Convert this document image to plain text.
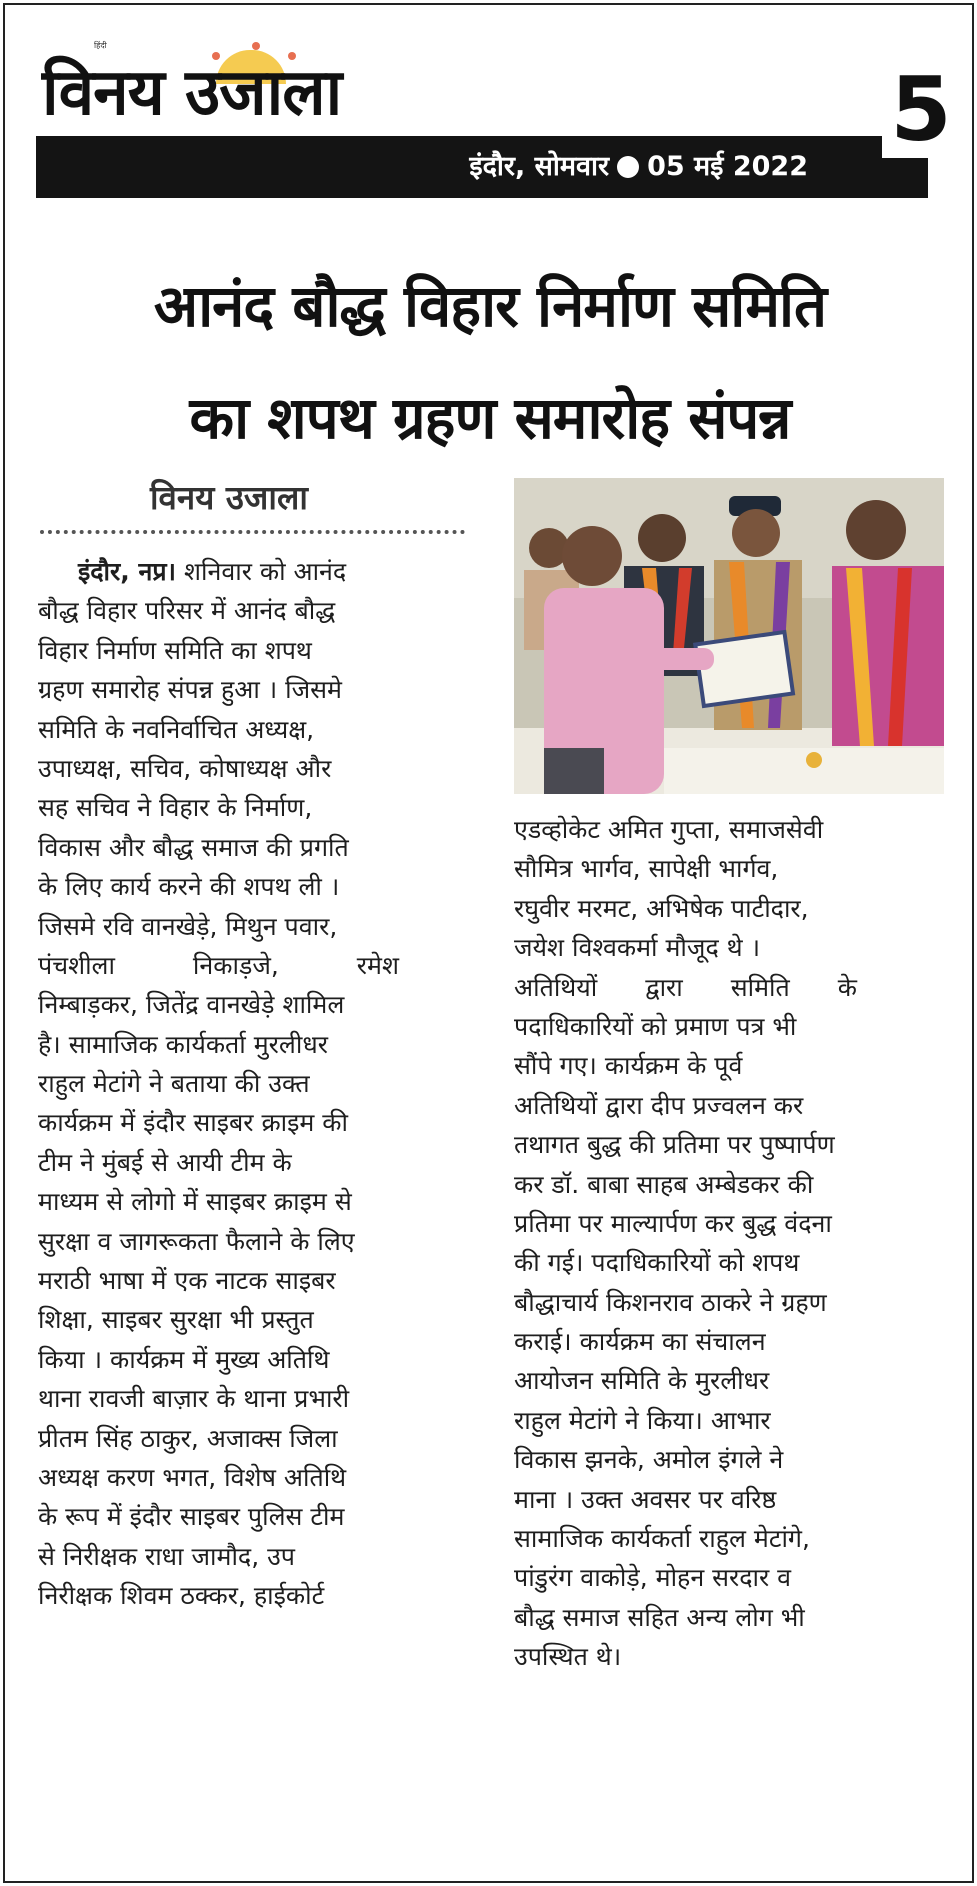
हिंदी
विनय उजाला
इंदौर, सोमवार 05 मई 2022
5
आनंद बौद्ध विहार निर्माण समिति
का शपथ ग्रहण समारोह संपन्न
विनय उजाला
इंदौर, नप्र। शनिवार को आनंद
बौद्ध विहार परिसर में आनंद बौद्ध
विहार निर्माण समिति का शपथ
ग्रहण समारोह संपन्न हुआ । जिसमे
समिति के नवनिर्वाचित अध्यक्ष,
उपाध्यक्ष, सचिव, कोषाध्यक्ष और
सह सचिव ने विहार के निर्माण,
विकास और बौद्ध समाज की प्रगति
के लिए कार्य करने की शपथ ली ।
जिसमे रवि वानखेड़े, मिथुन पवार,
पंचशीला निकाड़जे, रमेश
निम्बाड़कर, जितेंद्र वानखेड़े शामिल
है। सामाजिक कार्यकर्ता मुरलीधर
राहुल मेटांगे ने बताया की उक्त
कार्यक्रम में इंदौर साइबर क्राइम की
टीम ने मुंबई से आयी टीम के
माध्यम से लोगो में साइबर क्राइम से
सुरक्षा व जागरूकता फैलाने के लिए
मराठी भाषा में एक नाटक साइबर
शिक्षा, साइबर सुरक्षा भी प्रस्तुत
किया । कार्यक्रम में मुख्य अतिथि
थाना रावजी बाज़ार के थाना प्रभारी
प्रीतम सिंह ठाकुर, अजाक्स जिला
अध्यक्ष करण भगत, विशेष अतिथि
के रूप में इंदौर साइबर पुलिस टीम
से निरीक्षक राधा जामौद, उप
निरीक्षक शिवम ठक्कर, हाईकोर्ट
एडव्होकेट अमित गुप्ता, समाजसेवी
सौमित्र भार्गव, सापेक्षी भार्गव,
रघुवीर मरमट, अभिषेक पाटीदार,
जयेश विश्वकर्मा मौजूद थे ।
अतिथियों द्वारा समिति के
पदाधिकारियों को प्रमाण पत्र भी
सौंपे गए। कार्यक्रम के पूर्व
अतिथियों द्वारा दीप प्रज्वलन कर
तथागत बुद्ध की प्रतिमा पर पुष्पार्पण
कर डॉ. बाबा साहब अम्बेडकर की
प्रतिमा पर माल्यार्पण कर बुद्ध वंदना
की गई। पदाधिकारियों को शपथ
बौद्धाचार्य किशनराव ठाकरे ने ग्रहण
कराई। कार्यक्रम का संचालन
आयोजन समिति के मुरलीधर
राहुल मेटांगे ने किया। आभार
विकास झनके, अमोल इंगले ने
माना । उक्त अवसर पर वरिष्ठ
सामाजिक कार्यकर्ता राहुल मेटांगे,
पांडुरंग वाकोड़े, मोहन सरदार व
बौद्ध समाज सहित अन्य लोग भी
उपस्थित थे।
